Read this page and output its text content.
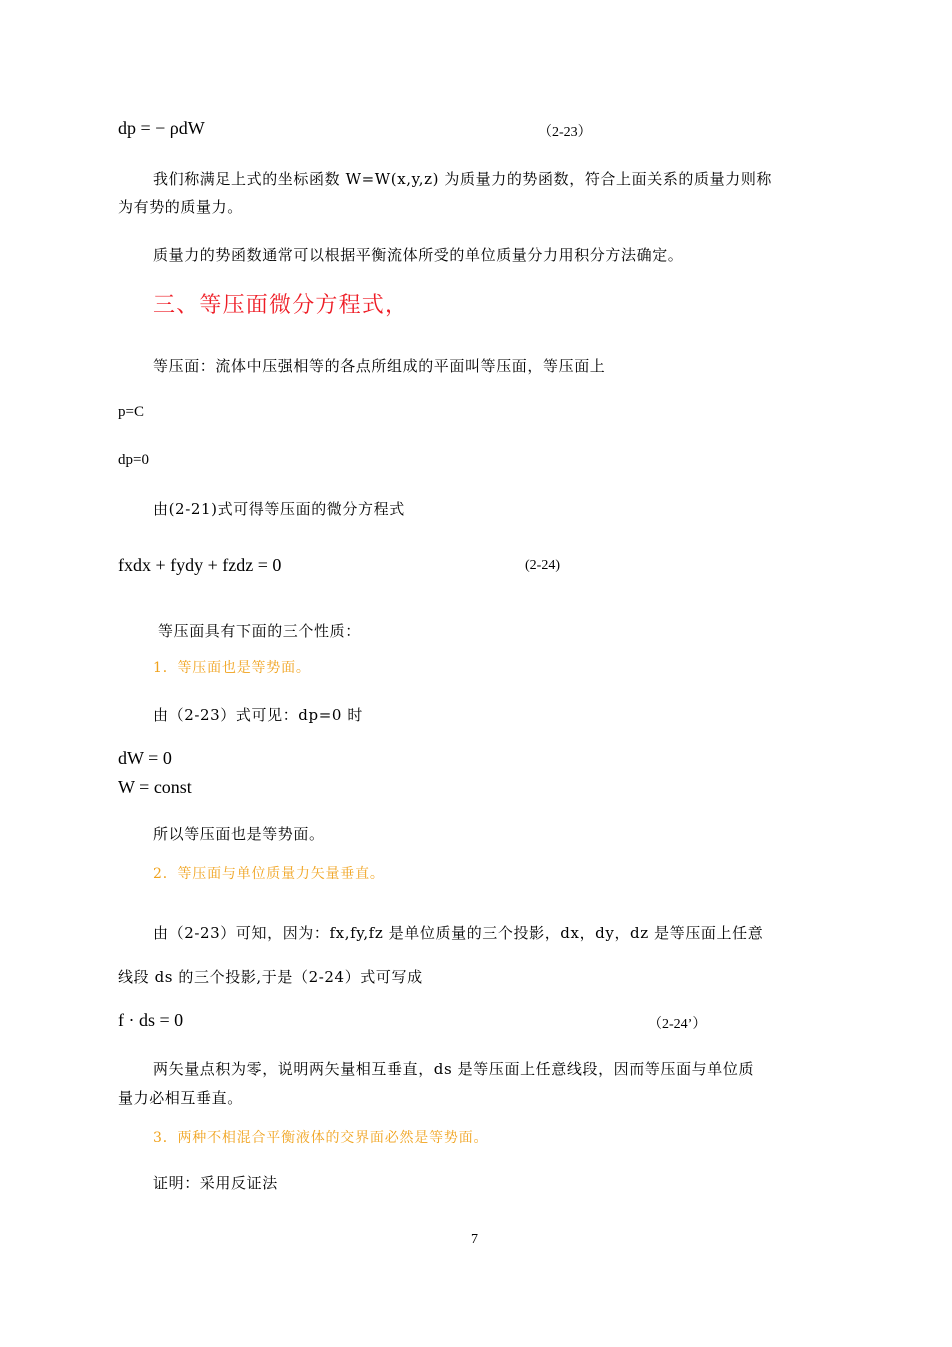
dp = − ρdW	（2-23）
我们称满足上式的坐标函数 W=W(x,y,z) 为质量力的势函数，符合上面关系的质量力则称
为有势的质量力。
质量力的势函数通常可以根据平衡流体所受的单位质量分力用积分方法确定。
三、等压面微分方程式，
等压面：流体中压强相等的各点所组成的平面叫等压面，等压面上
p=C
dp=0
由(2-21)式可得等压面的微分方程式
fxdx + fydy + fzdz = 0	(2-24)
等压面具有下面的三个性质：
1．等压面也是等势面。
由（2-23）式可见：dp=0 时
dW = 0
W = const
所以等压面也是等势面。
2．等压面与单位质量力矢量垂直。
由（2-23）可知，因为：fx,fy,fz 是单位质量的三个投影，dx，dy，dz 是等压面上任意
线段 ds 的三个投影,于是（2-24）式可写成
f · ds = 0	（2-24’）
两矢量点积为零，说明两矢量相互垂直，ds 是等压面上任意线段，因而等压面与单位质
量力必相互垂直。
3．两种不相混合平衡液体的交界面必然是等势面。
证明：采用反证法
7
